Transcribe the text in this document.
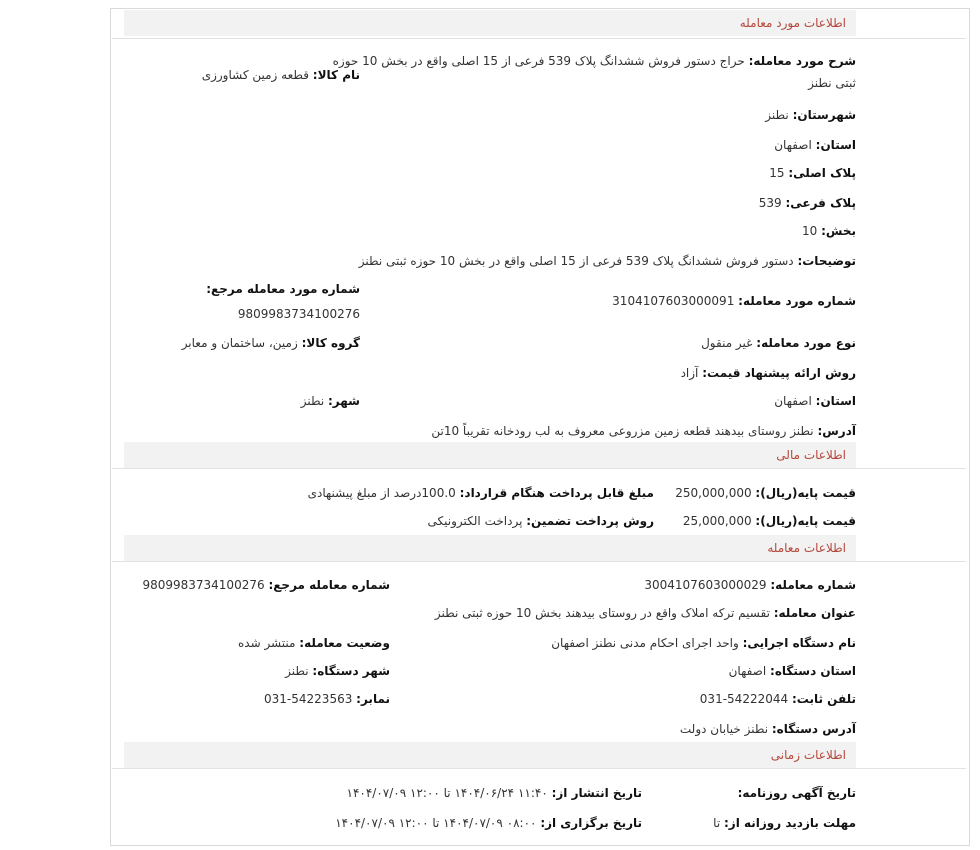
اطلاعات مورد معامله
شرح مورد معامله: حراج دستور فروش ششدانگ پلاک 539 فرعی از 15 اصلی واقع در بخش 10 حوزه
ثبتی نطنز
نام کالا: قطعه زمین کشاورزی
شهرستان: نطنز
استان: اصفهان
پلاک اصلی: 15
پلاک فرعی: 539
بخش: 10
توضیحات: دستور فروش ششدانگ پلاک 539 فرعی از 15 اصلی واقع در بخش 10 حوزه ثبتی نطنز
شماره مورد معامله مرجع:
9809983734100276
شماره مورد معامله: 3104107603000091
گروه کالا: زمین، ساختمان و معابر	نوع مورد معامله: غیر منقول
روش ارائه پیشنهاد قیمت: آزاد
استان: اصفهان
شهر: نطنز
آدرس: نطنز روستای بیدهند قطعه زمین مزروعی معروف به لب رودخانه تقریباً 10تن
اطلاعات مالی
قیمت پایه(ریال): 250,000,000
مبلغ قابل پرداخت هنگام قرارداد: 100.0درصد از مبلغ پیشنهادی
قیمت پایه(ریال): 25,000,000
روش پرداخت تضمین: پرداخت الکترونیکی
اطلاعات معامله
شماره معامله: 3004107603000029
شماره معامله مرجع: 9809983734100276
عنوان معامله: تقسیم ترکه املاک واقع در روستای بیدهند بخش 10 حوزه ثبتی نطنز
نام دستگاه اجرایی: واحد اجرای احکام مدنی نطنز اصفهان
وضعیت معامله: منتشر شده
استان دستگاه: اصفهان
شهر دستگاه: نطنز
تلفن ثابت: 54222044-031
نمابر: 54223563-031
آدرس دستگاه: نطنز خیابان دولت
اطلاعات زمانی
تاریخ آگهی روزنامه:
تاریخ انتشار از: ۱۱:۴۰ ۱۴۰۴/۰۶/۲۴ تا ۱۲:۰۰ ۱۴۰۴/۰۷/۰۹
مهلت بازدید روزانه از: تا
تاریخ برگزاری از: ۰۸:۰۰ ۱۴۰۴/۰۷/۰۹ تا ۱۲:۰۰ ۱۴۰۴/۰۷/۰۹
